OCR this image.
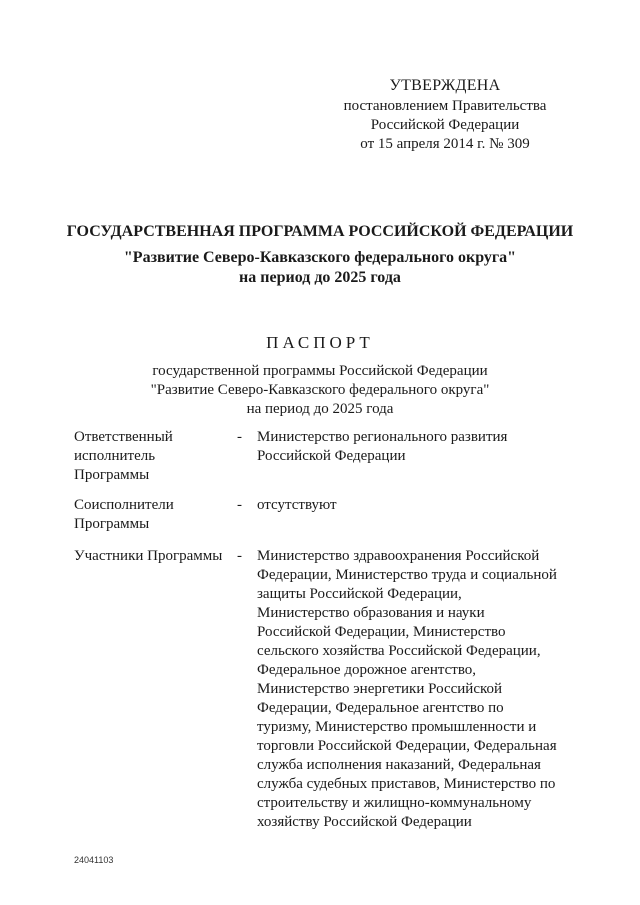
УТВЕРЖДЕНА
постановлением Правительства
Российской Федерации
от 15 апреля 2014 г. № 309
ГОСУДАРСТВЕННАЯ ПРОГРАММА РОССИЙСКОЙ ФЕДЕРАЦИИ
"Развитие Северо-Кавказского федерального округа"
на период до 2025 года
ПАСПОРТ
государственной программы Российской Федерации
"Развитие Северо-Кавказского федерального округа"
на период до 2025 года
Ответственный исполнитель Программы
- Министерство регионального развития Российской Федерации
Соисполнители Программы
- отсутствуют
Участники Программы - Министерство здравоохранения Российской Федерации, Министерство труда и социальной защиты Российской Федерации, Министерство образования и науки Российской Федерации, Министерство сельского хозяйства Российской Федерации, Федеральное дорожное агентство, Министерство энергетики Российской Федерации, Федеральное агентство по туризму, Министерство промышленности и торговли Российской Федерации, Федеральная служба исполнения наказаний, Федеральная служба судебных приставов, Министерство по строительству и жилищно-коммунальному хозяйству Российской Федерации
24041103
